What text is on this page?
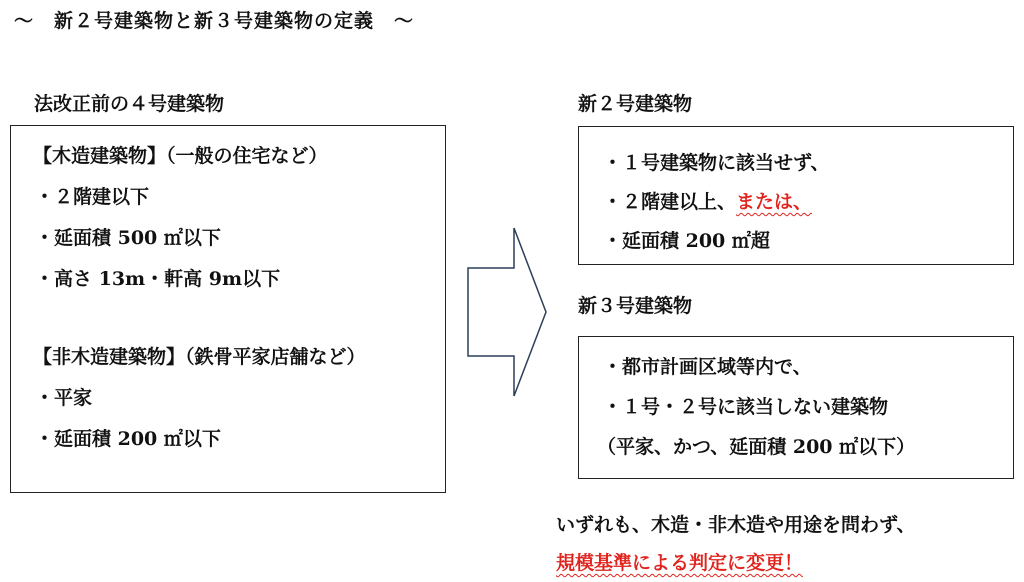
～　新２号建築物と新３号建築物の定義　～
法改正前の４号建築物
【木造建築物】（一般の住宅など）
・２階建以下
・延面積 500 ㎡以下
・高さ 13m・軒高 9m以下
【非木造建築物】（鉄骨平家店舗など）
・平家
・延面積 200 ㎡以下
新２号建築物
・１号建築物に該当せず、
・２階建以上、または、
・延面積 200 ㎡超
新３号建築物
・都市計画区域等内で、
・１号・２号に該当しない建築物
（平家、かつ、延面積 200 ㎡以下）
いずれも、木造・非木造や用途を問わず、
規模基準による判定に変更！
